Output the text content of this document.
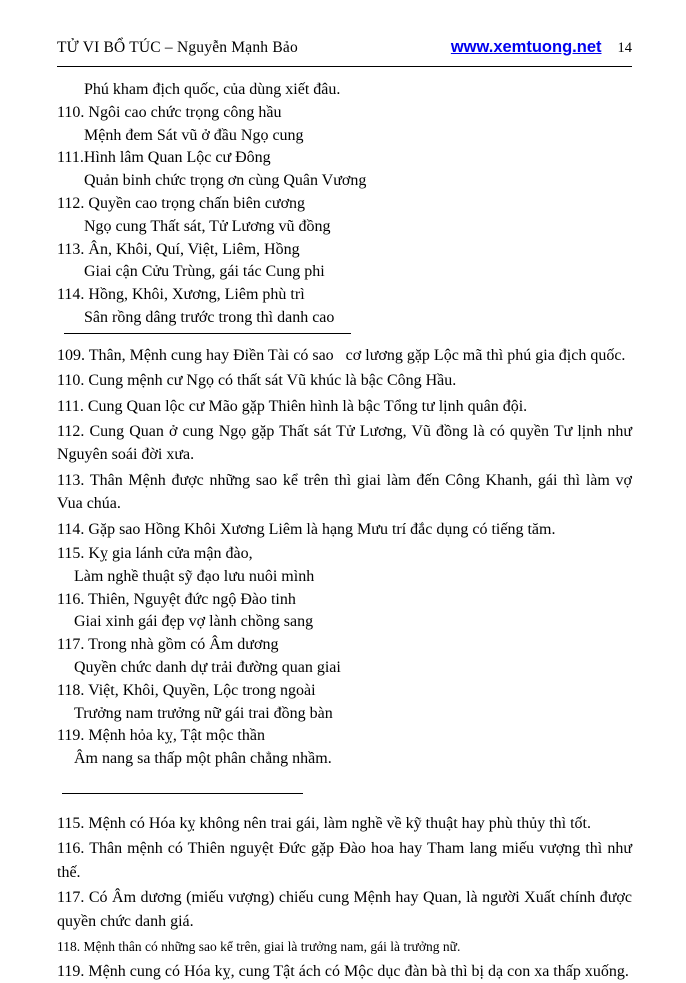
TỬ VI BỔ TÚC – Nguyễn Mạnh Bảo	www.xemtuong.net 14
Phú kham địch quốc, của dùng xiết đâu.
110. Ngôi cao chức trọng công hầu
Mệnh đem Sát vũ ở đầu Ngọ cung
111.Hình lâm Quan Lộc cư Đông
Quản binh chức trọng ơn cùng Quân Vương
112. Quyền cao trọng chấn biên cương
Ngọ cung Thất sát, Tử Lương vũ đồng
113. Ân, Khôi, Quí, Việt, Liêm, Hồng
Giai cận Cửu Trùng, gái tác Cung phi
114. Hồng, Khôi, Xương, Liêm phù trì
Sân rồng dâng trước trong thì danh cao
109. Thân, Mệnh cung hay Điền Tài có sao   cơ lương gặp Lộc mã thì phú gia địch quốc.
110. Cung mệnh cư Ngọ có thất sát Vũ khúc là bậc Công Hầu.
111. Cung Quan lộc cư Mão gặp Thiên hình là bậc Tổng tư lịnh quân đội.
112. Cung Quan ở cung Ngọ gặp Thất sát Tử Lương, Vũ đồng là có quyền Tư lịnh như Nguyên soái đời xưa.
113. Thân Mệnh được những sao kể trên thì giai làm đến Công Khanh, gái thì làm vợ Vua chúa.
114. Gặp sao Hồng Khôi Xương Liêm là hạng Mưu trí đắc dụng có tiếng tăm.
115. Kỵ gia lánh cửa mận đào,
Làm nghề thuật sỹ đạo lưu nuôi mình
116. Thiên, Nguyệt đức ngộ Đào tinh
Giai xinh gái đẹp vợ lành chồng sang
117. Trong nhà gồm có Âm dương
Quyền chức danh dự trải đường quan giai
118. Việt, Khôi, Quyền, Lộc trong ngoài
Trưởng nam trưởng nữ gái trai đồng bàn
119. Mệnh hỏa kỵ, Tật mộc thần
Âm nang sa thấp một phân chẳng nhầm.
115. Mệnh có Hóa kỵ không nên trai gái, làm nghề về kỹ thuật hay phù thủy thì tốt.
116. Thân mệnh có Thiên nguyệt Đức gặp Đào hoa hay Tham lang miếu vượng thì như thế.
117. Có Âm dương (miếu vượng) chiếu cung Mệnh hay Quan, là người Xuất chính được quyền chức danh giá.
118. Mệnh thân có những sao kể trên, giai là trưởng nam, gái là trưởng nữ.
119. Mệnh cung có Hóa kỵ, cung Tật ách có Mộc dục đàn bà thì bị dạ con xa thấp xuống.
